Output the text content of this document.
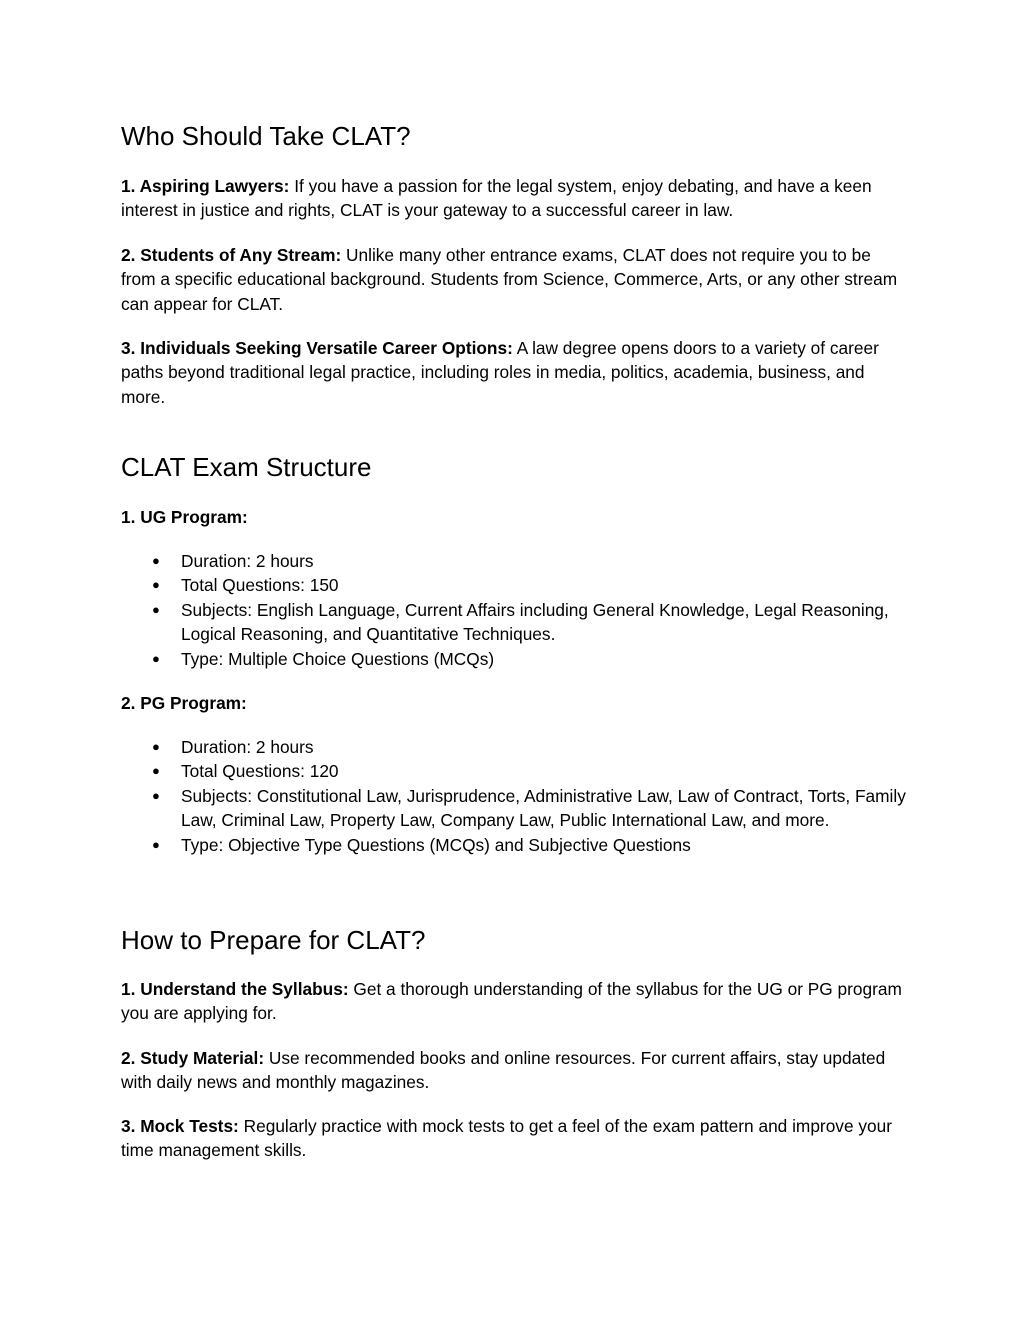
Who Should Take CLAT?

1. Aspiring Lawyers: If you have a passion for the legal system, enjoy debating, and have a keen interest in justice and rights, CLAT is your gateway to a successful career in law.

2. Students of Any Stream: Unlike many other entrance exams, CLAT does not require you to be from a specific educational background. Students from Science, Commerce, Arts, or any other stream can appear for CLAT.

3. Individuals Seeking Versatile Career Options: A law degree opens doors to a variety of career paths beyond traditional legal practice, including roles in media, politics, academia, business, and more.

CLAT Exam Structure

1. UG Program:

● Duration: 2 hours
● Total Questions: 150
● Subjects: English Language, Current Affairs including General Knowledge, Legal Reasoning, Logical Reasoning, and Quantitative Techniques.
● Type: Multiple Choice Questions (MCQs)

2. PG Program:

● Duration: 2 hours
● Total Questions: 120
● Subjects: Constitutional Law, Jurisprudence, Administrative Law, Law of Contract, Torts, Family Law, Criminal Law, Property Law, Company Law, Public International Law, and more.
● Type: Objective Type Questions (MCQs) and Subjective Questions
How to Prepare for CLAT?

1. Understand the Syllabus: Get a thorough understanding of the syllabus for the UG or PG program you are applying for.

2. Study Material: Use recommended books and online resources. For current affairs, stay updated with daily news and monthly magazines.

3. Mock Tests: Regularly practice with mock tests to get a feel of the exam pattern and improve your time management skills.
